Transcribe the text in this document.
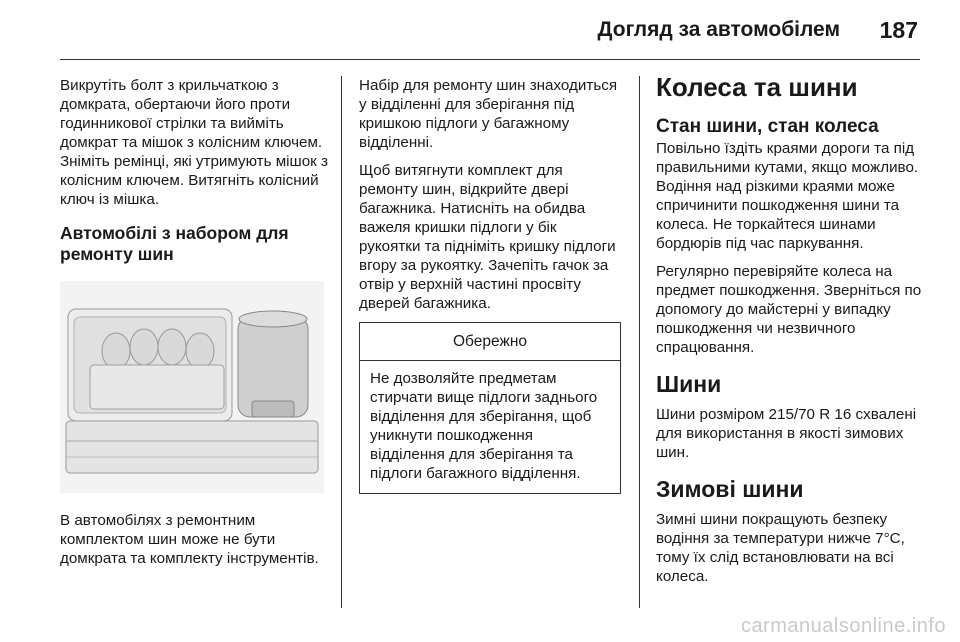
Догляд за автомобілем 187

Викрутіть болт з крильчаткою з домкрата, обертаючи його проти годинникової стрілки та вийміть домкрат та мішок з колісним ключем. Зніміть ремінці, які утримують мішок з колісним ключем. Витягніть колісний ключ із мішка.

Автомобілі з набором для ремонту шин

В автомобілях з ремонтним комплектом шин може не бути домкрата та комплекту інструментів.

Набір для ремонту шин знаходиться у відділенні для зберігання під кришкою підлоги у багажному відділенні.

Щоб витягнути комплект для ремонту шин, відкрийте двері багажника. Натисніть на обидва важеля кришки підлоги у бік рукоятки та підніміть кришку підлоги вгору за рукоятку. Зачепіть гачок за отвір у верхній частині просвіту дверей багажника.

Обережно

Не дозволяйте предметам стирчати вище підлоги заднього відділення для зберігання, щоб уникнути пошкодження відділення для зберігання та підлоги багажного відділення.

Колеса та шини
Стан шини, стан колеса

Повільно їздіть краями дороги та під правильними кутами, якщо можливо. Водіння над різкими краями може спричинити пошкодження шини та колеса. Не торкайтеся шинами бордюрів під час паркування.

Регулярно перевіряйте колеса на предмет пошкодження. Зверніться по допомогу до майстерні у випадку пошкодження чи незвичного спрацювання.

Шини

Шини розміром 215/70 R 16 схвалені для використання в якості зимових шин.

Зимові шини

Зимні шини покращують безпеку водіння за температури нижче 7°C, тому їх слід встановлювати на всі колеса.

carmanualsonline.info
